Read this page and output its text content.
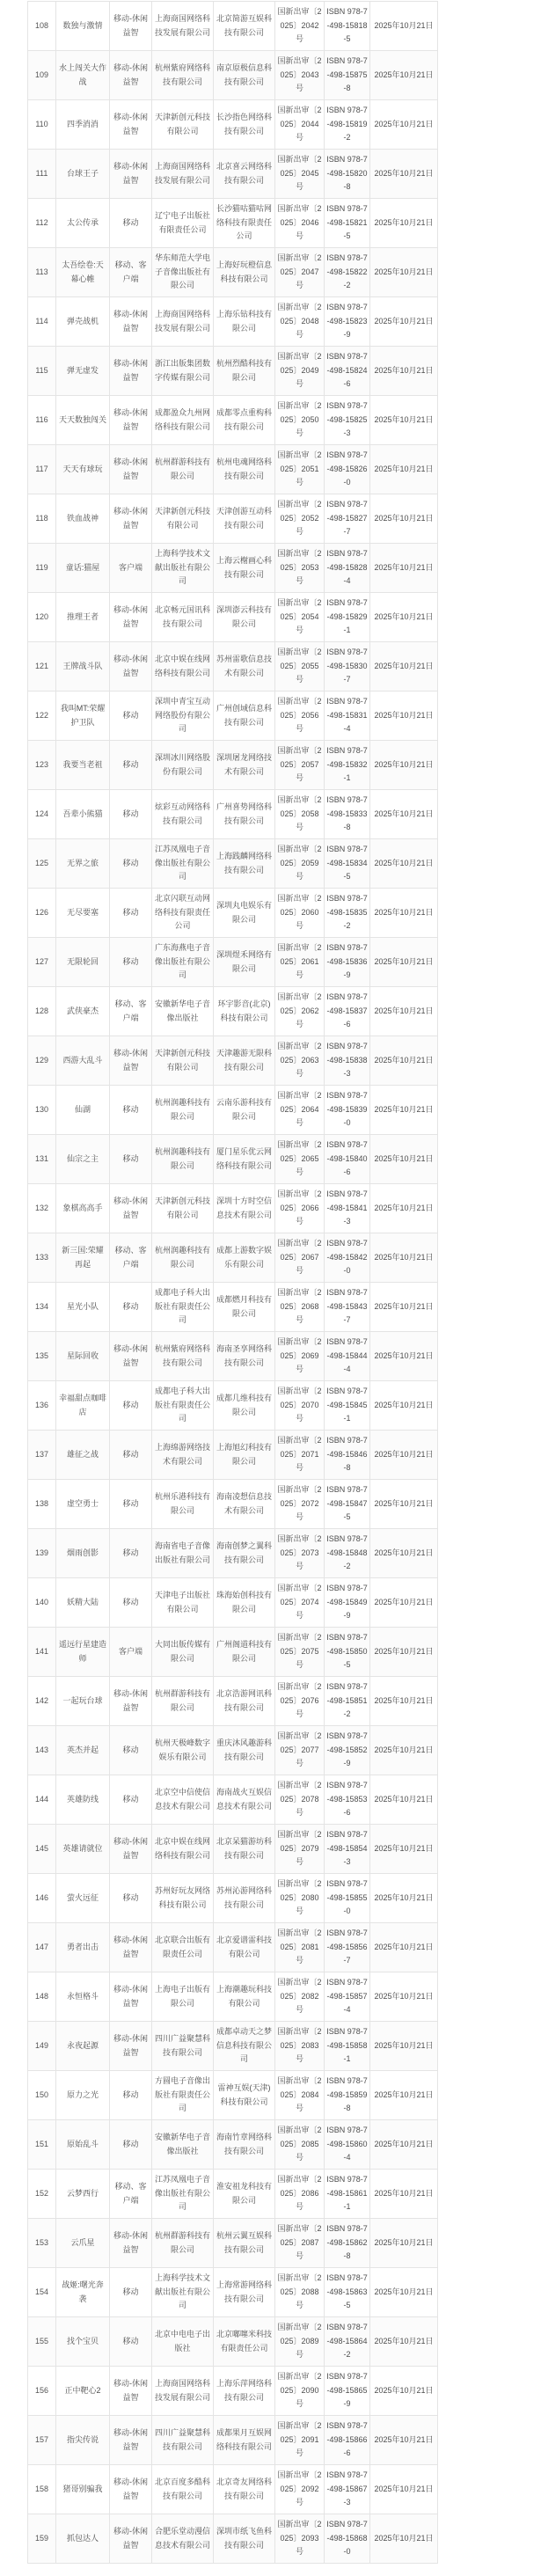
108	数独与激情	移动-休闲益智	上海商国网络科技发展有限公司	北京简游互娱科技有限公司	国新出审〔2025〕2042号	ISBN 978-7-498-15818-5	2025年10月21日
109	水上闯关大作战	移动-休闲益智	杭州紫府网络科技有限公司	南京原极信息科技有限公司	国新出审〔2025〕2043号	ISBN 978-7-498-15875-8	2025年10月21日
110	四季消消	移动-休闲益智	天津新创元科技有限公司	长沙指色网络科技有限公司	国新出审〔2025〕2044号	ISBN 978-7-498-15819-2	2025年10月21日
111	台球王子	移动-休闲益智	上海商国网络科技发展有限公司	北京喜云网络科技有限公司	国新出审〔2025〕2045号	ISBN 978-7-498-15820-8	2025年10月21日
112	太公传承	移动	辽宁电子出版社有限责任公司	长沙猫咕猫咕网络科技有限责任公司	国新出审〔2025〕2046号	ISBN 978-7-498-15821-5	2025年10月21日
113	太吾绘卷:天幕心帷	移动、客户端	华东师范大学电子音像出版社有限公司	上海好玩橙信息科技有限公司	国新出审〔2025〕2047号	ISBN 978-7-498-15822-2	2025年10月21日
114	弹壳战机	移动-休闲益智	上海商国网络科技发展有限公司	上海乐钻科技有限公司	国新出审〔2025〕2048号	ISBN 978-7-498-15823-9	2025年10月21日
115	弹无虚发	移动-休闲益智	浙江出版集团数字传媒有限公司	杭州烈酷科技有限公司	国新出审〔2025〕2049号	ISBN 978-7-498-15824-6	2025年10月21日
116	天天数独闯关	移动-休闲益智	成都盈众九州网络科技有限公司	成都零点重构科技有限公司	国新出审〔2025〕2050号	ISBN 978-7-498-15825-3	2025年10月21日
117	天天有球玩	移动-休闲益智	杭州群游科技有限公司	杭州电魂网络科技有限公司	国新出审〔2025〕2051号	ISBN 978-7-498-15826-0	2025年10月21日
118	铁血战神	移动-休闲益智	天津新创元科技有限公司	天津创游互动科技有限公司	国新出审〔2025〕2052号	ISBN 978-7-498-15827-7	2025年10月21日
119	童话:猫屋	客户端	上海科学技术文献出版社有限公司	上海云榭画心科技有限公司	国新出审〔2025〕2053号	ISBN 978-7-498-15828-4	2025年10月21日
120	推理王者	移动-休闲益智	北京畅元国讯科技有限公司	深圳澎云科技有限公司	国新出审〔2025〕2054号	ISBN 978-7-498-15829-1	2025年10月21日
121	王牌战斗队	移动-休闲益智	北京中娱在线网络科技有限公司	苏州雷歌信息技术有限公司	国新出审〔2025〕2055号	ISBN 978-7-498-15830-7	2025年10月21日
122	我叫MT:荣耀护卫队	移动	深圳中青宝互动网络股份有限公司	广州创域信息科技有限公司	国新出审〔2025〕2056号	ISBN 978-7-498-15831-4	2025年10月21日
123	我要当老祖	移动	深圳冰川网络股份有限公司	深圳屠龙网络技术有限公司	国新出审〔2025〕2057号	ISBN 978-7-498-15832-1	2025年10月21日
124	吾辈小熊猫	移动	炫彩互动网络科技有限公司	广州喜势网络科技有限公司	国新出审〔2025〕2058号	ISBN 978-7-498-15833-8	2025年10月21日
125	无界之旅	移动	江苏凤凰电子音像出版社有限公司	上海践麟网络科技有限公司	国新出审〔2025〕2059号	ISBN 978-7-498-15834-5	2025年10月21日
126	无尽要塞	移动	北京闪联互动网络科技有限责任公司	深圳丸电娱乐有限公司	国新出审〔2025〕2060号	ISBN 978-7-498-15835-2	2025年10月21日
127	无限轮回	移动	广东海燕电子音像出版社有限公司	深圳煜禾网络有限公司	国新出审〔2025〕2061号	ISBN 978-7-498-15836-9	2025年10月21日
128	武侠豪杰	移动、客户端	安徽新华电子音像出版社	环宇影音(北京)科技有限公司	国新出审〔2025〕2062号	ISBN 978-7-498-15837-6	2025年10月21日
129	西游大乱斗	移动-休闲益智	天津新创元科技有限公司	天津趣游无限科技有限公司	国新出审〔2025〕2063号	ISBN 978-7-498-15838-3	2025年10月21日
130	仙湖	移动	杭州润趣科技有限公司	云南乐游科技有限公司	国新出审〔2025〕2064号	ISBN 978-7-498-15839-0	2025年10月21日
131	仙宗之主	移动	杭州润趣科技有限公司	厦门星乐优云网络科技有限公司	国新出审〔2025〕2065号	ISBN 978-7-498-15840-6	2025年10月21日
132	象棋高高手	移动-休闲益智	天津新创元科技有限公司	深圳十方时空信息技术有限公司	国新出审〔2025〕2066号	ISBN 978-7-498-15841-3	2025年10月21日
133	新三国:荣耀再起	移动、客户端	杭州润趣科技有限公司	成都上游数字娱乐有限公司	国新出审〔2025〕2067号	ISBN 978-7-498-15842-0	2025年10月21日
134	星光小队	移动	成都电子科大出版社有限责任公司	成都燃月科技有限公司	国新出审〔2025〕2068号	ISBN 978-7-498-15843-7	2025年10月21日
135	星际回收	移动-休闲益智	杭州紫府网络科技有限公司	海南圣享网络科技有限公司	国新出审〔2025〕2069号	ISBN 978-7-498-15844-4	2025年10月21日
136	幸福甜点咖啡店	移动	成都电子科大出版社有限责任公司	成都几维科技有限公司	国新出审〔2025〕2070号	ISBN 978-7-498-15845-1	2025年10月21日
137	雄征之战	移动	上海绵游网络技术有限公司	上海旭幻科技有限公司	国新出审〔2025〕2071号	ISBN 978-7-498-15846-8	2025年10月21日
138	虚空勇士	移动	杭州乐港科技有限公司	海南凌想信息技术有限公司	国新出审〔2025〕2072号	ISBN 978-7-498-15847-5	2025年10月21日
139	烟雨创影	移动	海南省电子音像出版社有限公司	海南创梦之翼科技有限公司	国新出审〔2025〕2073号	ISBN 978-7-498-15848-2	2025年10月21日
140	妖精大陆	移动	天津电子出版社有限公司	珠海始创科技有限公司	国新出审〔2025〕2074号	ISBN 978-7-498-15849-9	2025年10月21日
141	遥远行星建造师	客户端	大同出版传媒有限公司	广州阁道科技有限公司	国新出审〔2025〕2075号	ISBN 978-7-498-15850-5	2025年10月21日
142	一起玩台球	移动-休闲益智	杭州群游科技有限公司	北京浩游网讯科技有限公司	国新出审〔2025〕2076号	ISBN 978-7-498-15851-2	2025年10月21日
143	英杰并起	移动	杭州天极峰数字娱乐有限公司	重庆沐风趣游科技有限公司	国新出审〔2025〕2077号	ISBN 978-7-498-15852-9	2025年10月21日
144	英雄防线	移动	北京空中信使信息技术有限公司	海南战火互娱信息技术有限公司	国新出审〔2025〕2078号	ISBN 978-7-498-15853-6	2025年10月21日
145	英雄请就位	移动-休闲益智	北京中娱在线网络科技有限公司	北京呆猫游坊科技有限公司	国新出审〔2025〕2079号	ISBN 978-7-498-15854-3	2025年10月21日
146	萤火远征	移动	苏州好玩友网络科技有限公司	苏州沁游网络科技有限公司	国新出审〔2025〕2080号	ISBN 978-7-498-15855-0	2025年10月21日
147	勇者出击	移动-休闲益智	北京联合出版有限责任公司	北京爱谱雷科技有限公司	国新出审〔2025〕2081号	ISBN 978-7-498-15856-7	2025年10月21日
148	永恒格斗	移动-休闲益智	上海电子出版有限公司	上海潮趣玩科技有限公司	国新出审〔2025〕2082号	ISBN 978-7-498-15857-4	2025年10月21日
149	永夜起源	移动-休闲益智	四川广益聚慧科技有限公司	成都卓动天之梦信息科技有限公司	国新出审〔2025〕2083号	ISBN 978-7-498-15858-1	2025年10月21日
150	原力之光	移动	方圆电子音像出版社有限责任公司	雷神互娱(天津)科技有限公司	国新出审〔2025〕2084号	ISBN 978-7-498-15859-8	2025年10月21日
151	原始乱斗	移动	安徽新华电子音像出版社	海南竹章网络科技有限公司	国新出审〔2025〕2085号	ISBN 978-7-498-15860-4	2025年10月21日
152	云梦西行	移动、客户端	江苏凤凰电子音像出版社有限公司	淮安祖龙科技有限公司	国新出审〔2025〕2086号	ISBN 978-7-498-15861-1	2025年10月21日
153	云爪星	移动-休闲益智	杭州群游科技有限公司	杭州云翼互娱科技有限公司	国新出审〔2025〕2087号	ISBN 978-7-498-15862-8	2025年10月21日
154	战姬:曙光奔袭	移动	上海科学技术文献出版社有限公司	上海常游网络科技有限公司	国新出审〔2025〕2088号	ISBN 978-7-498-15863-5	2025年10月21日
155	找个宝贝	移动	北京中电电子出版社	北京嘟噻米科技有限责任公司	国新出审〔2025〕2089号	ISBN 978-7-498-15864-2	2025年10月21日
156	正中靶心2	移动-休闲益智	上海商国网络科技发展有限公司	上海乐萍网络科技有限公司	国新出审〔2025〕2090号	ISBN 978-7-498-15865-9	2025年10月21日
157	指尖传说	移动-休闲益智	四川广益聚慧科技有限公司	成都果月互娱网络科技有限公司	国新出审〔2025〕2091号	ISBN 978-7-498-15866-6	2025年10月21日
158	猪哥别骗我	移动-休闲益智	北京百度多酷科技有限公司	北京奇友网络科技有限公司	国新出审〔2025〕2092号	ISBN 978-7-498-15867-3	2025年10月21日
159	抓包达人	移动-休闲益智	合肥乐堂动漫信息技术有限公司	深圳市纸飞鱼科技有限公司	国新出审〔2025〕2093号	ISBN 978-7-498-15868-0	2025年10月21日
